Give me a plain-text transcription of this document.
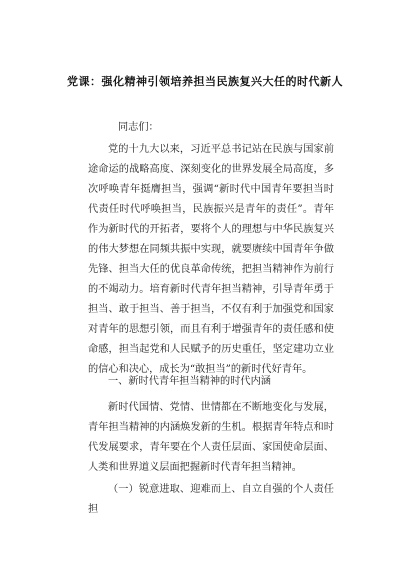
党课：强化精神引领培养担当民族复兴大任的时代新人

同志们：

党的十九大以来，习近平总书记站在民族与国家前途命运的战略高度、深刻变化的世界发展全局高度，多次呼唤青年挺膺担当，强调“新时代中国青年要担当时代责任时代呼唤担当，民族振兴是青年的责任”。青年作为新时代的开拓者，要将个人的理想与中华民族复兴的伟大梦想在同频共振中实现，就要赓续中国青年争做先锋、担当大任的优良革命传统，把担当精神作为前行的不竭动力。培育新时代青年担当精神，引导青年勇于担当、敢于担当、善于担当，不仅有利于加强党和国家对青年的思想引领，而且有利于增强青年的责任感和使命感，担当起党和人民赋予的历史重任，坚定建功立业的信心和决心，成长为“敢担当”的新时代好青年。

一、新时代青年担当精神的时代内涵

新时代国情、党情、世情都在不断地变化与发展，青年担当精神的内涵焕发新的生机。根据青年特点和时代发展要求，青年要在个人责任层面、家国使命层面、人类和世界道义层面把握新时代青年担当精神。

（一）锐意进取、迎难而上、自立自强的个人责任担
